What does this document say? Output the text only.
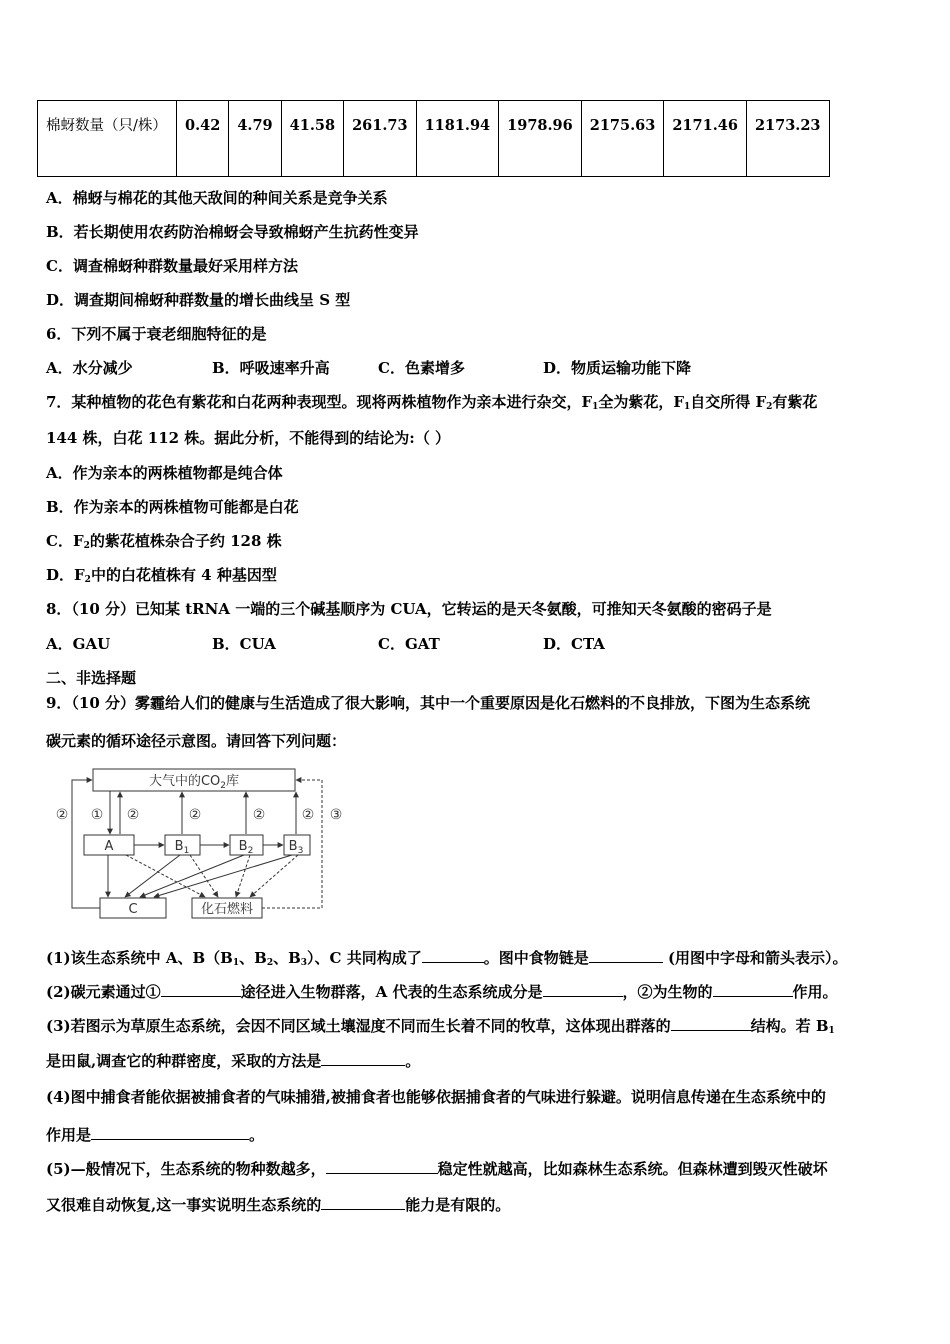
棉蚜数量（只/株）	0.42	4.79	41.58	261.73	1181.94	1978.96	2175.63	2171.46	2173.23
A．棉蚜与棉花的其他天敌间的种间关系是竞争关系
B．若长期使用农药防治棉蚜会导致棉蚜产生抗药性变异
C．调查棉蚜种群数量最好采用样方法
D．调查期间棉蚜种群数量的增长曲线呈 S 型
6．下列不属于衰老细胞特征的是
A．水分减少	B．呼吸速率升高	C．色素增多	D．物质运输功能下降
7．某种植物的花色有紫花和白花两种表现型。现将两株植物作为亲本进行杂交，$F_1$全为紫花，$F_1$自交所得 $F_2$有紫花
144 株，白花 112 株。据此分析，不能得到的结论为:（ ）
A．作为亲本的两株植物都是纯合体
B．作为亲本的两株植物可能都是白花
C．$F_2$的紫花植株杂合子约 128 株
D．$F_2$中的白花植株有 4 种基因型
8．（10 分）已知某 tRNA 一端的三个碱基顺序为 CUA，它转运的是天冬氨酸，可推知天冬氨酸的密码子是
A．GAU	B．CUA	C．GAT	D．CTA
二、非选择题
9．（10 分）雾霾给人们的健康与生活造成了很大影响，其中一个重要原因是化石燃料的不良排放，下图为生态系统
碳元素的循环途径示意图。请回答下列问题：
大气中的$CO_2$库
A	$B_1$	$B_2$	$B_3$
C	化石燃料
② ① ②	②	②	② ③
(1)该生态系统中 A、$B(B_1$、$B_2$、$B_3$）、C 共同构成了	。图中食物链是	(用图中字母和箭头表示）。
(2)碳元素通过①	途径进入生物群落，A 代表的生态系统成分是	，②为生物的	作用。
(3)若图示为草原生态系统，会因不同区域土壤湿度不同而生长着不同的牧草，这体现出群落的	结构。若 $B_1$
是田鼠,调查它的种群密度，采取的方法是	。
(4)图中捕食者能依据被捕食者的气味捕猎,被捕食者也能够依据捕食者的气味进行躲避。说明信息传递在生态系统中的
作用是	。
(5)—般情况下，生态系统的物种数越多，	稳定性就越高，比如森林生态系统。但森林遭到毁灭性破坏
又很难自动恢复,这一事实说明生态系统的	能力是有限的。
